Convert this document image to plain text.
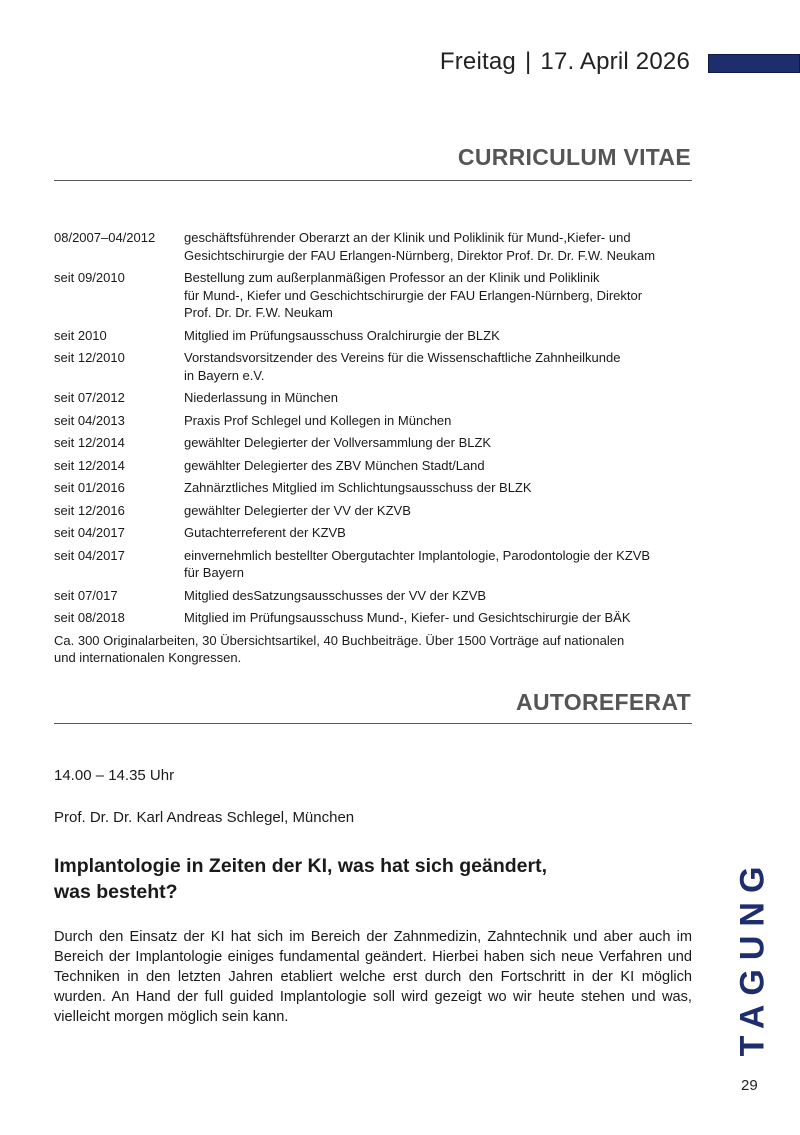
Freitag | 17. April 2026
CURRICULUM VITAE
08/2007–04/2012	geschäftsführender Oberarzt an der Klinik und Poliklinik für Mund-,Kiefer- und
Gesichtschirurgie der FAU Erlangen-Nürnberg, Direktor Prof. Dr. Dr. F.W. Neukam
seit 09/2010	Bestellung zum außerplanmäßigen Professor an der Klinik und Poliklinik
für Mund-, Kiefer und Geschichtschirurgie der FAU Erlangen-Nürnberg, Direktor
Prof. Dr. Dr. F.W. Neukam
seit 2010	Mitglied im Prüfungsausschuss Oralchirurgie der BLZK
seit 12/2010	Vorstandsvorsitzender des Vereins für die Wissenschaftliche Zahnheilkunde
in Bayern e.V.
seit 07/2012	Niederlassung in München
seit 04/2013	Praxis Prof Schlegel und Kollegen in München
seit 12/2014	gewählter Delegierter der Vollversammlung der BLZK
seit 12/2014	gewählter Delegierter des ZBV München Stadt/Land
seit 01/2016	Zahnärztliches Mitglied im Schlichtungsausschuss der BLZK
seit 12/2016	gewählter Delegierter der VV der KZVB
seit 04/2017	Gutachterreferent der KZVB
seit 04/2017	einvernehmlich bestellter Obergutachter Implantologie, Parodontologie der KZVB
für Bayern
seit 07/017	Mitglied desSatzungsausschusses der VV der KZVB
seit 08/2018	Mitglied im Prüfungsausschuss Mund-, Kiefer- und Gesichtschirurgie der BÄK
Ca. 300 Originalarbeiten, 30 Übersichtsartikel, 40 Buchbeiträge. Über 1500 Vorträge auf nationalen
und internationalen Kongressen.
AUTOREFERAT
14.00 – 14.35 Uhr
Prof. Dr. Dr. Karl Andreas Schlegel, München
Implantologie in Zeiten der KI, was hat sich geändert,
was besteht?
Durch den Einsatz der KI hat sich im Bereich der Zahnmedizin, Zahntechnik und aber auch im Bereich der Implantologie einiges fundamental geändert. Hierbei haben sich neue Verfahren und Techniken in den letzten Jahren etabliert welche erst durch den Fortschritt in der KI möglich wurden. An Hand der full guided Implantologie soll wird gezeigt wo wir heute stehen und was, vielleicht morgen möglich sein kann.	TAGUNG
29
